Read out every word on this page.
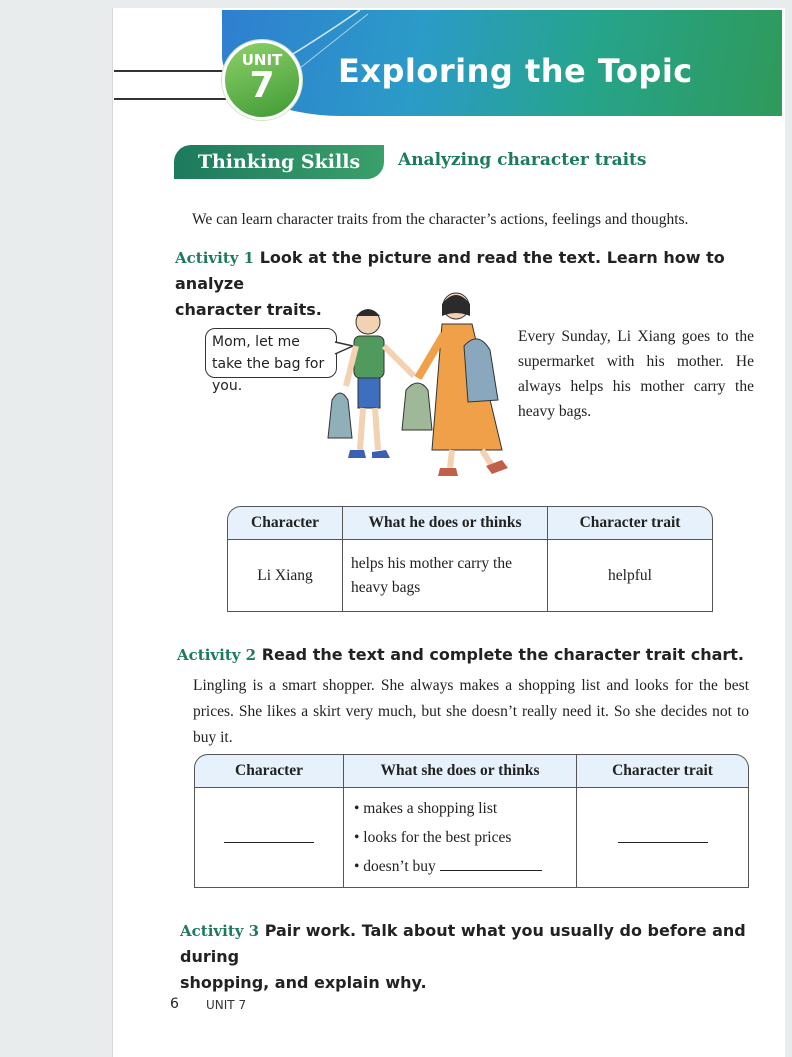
UNIT
7	Exploring the Topic
Thinking Skills	Analyzing character traits
We can learn character traits from the character’s actions, feelings and thoughts.
Activity 1 Look at the picture and read the text. Learn how to analyze
character traits.
Mom, let me take the bag for you.
Every Sunday, Li Xiang goes to the supermarket with his mother. He always helps his mother carry the heavy bags.
Character	What he does or thinks	Character trait
Li Xiang	helps his mother carry the heavy bags	helpful
Activity 2 Read the text and complete the character trait chart.
Lingling is a smart shopper. She always makes a shopping list and looks for the best prices. She likes a skirt very much, but she doesn’t really need it. So she decides not to buy it.
Character	What she does or thinks	Character trait

	• makes a shopping list
• looks for the best prices
• doesn’t buy	

Activity 3 Pair work. Talk about what you usually do before and during
shopping, and explain why.
6 UNIT 7
